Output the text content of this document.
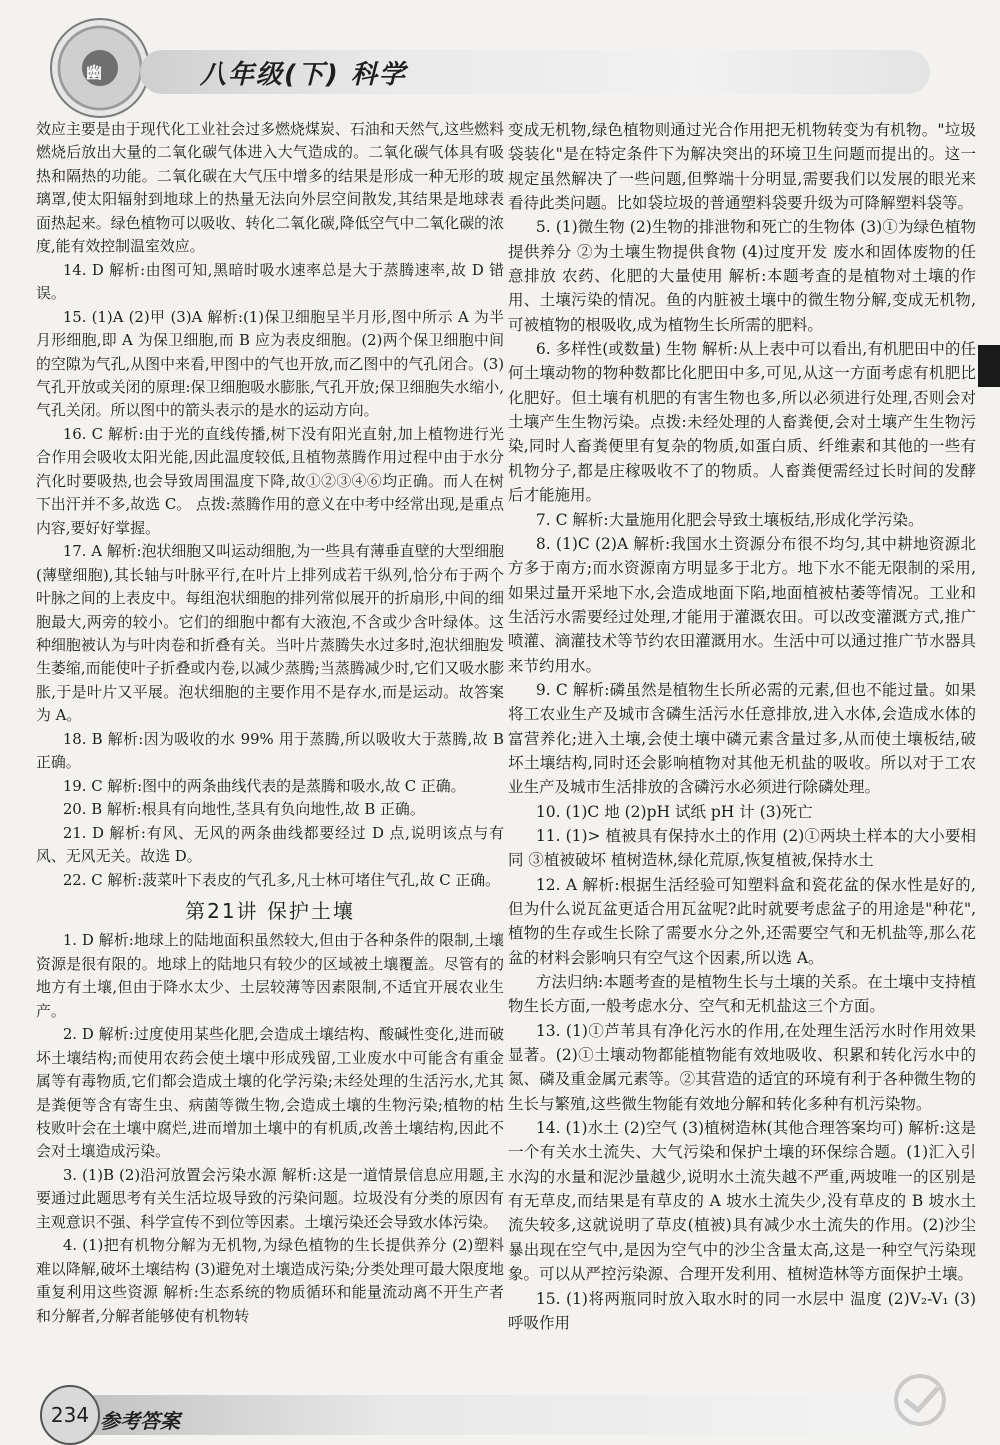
幽	八年级(下) 科学

效应主要是由于现代化工业社会过多燃烧煤炭、石油和天然气,这些燃料燃烧后放出大量的二氧化碳气体进入大气造成的。二氧化碳气体具有吸热和隔热的功能。二氧化碳在大气压中增多的结果是形成一种无形的玻璃罩,使太阳辐射到地球上的热量无法向外层空间散发,其结果是地球表面热起来。绿色植物可以吸收、转化二氧化碳,降低空气中二氧化碳的浓度,能有效控制温室效应。

14. D 解析:由图可知,黑暗时吸水速率总是大于蒸腾速率,故 D 错误。

15. (1)A (2)甲 (3)A 解析:(1)保卫细胞呈半月形,图中所示 A 为半月形细胞,即 A 为保卫细胞,而 B 应为表皮细胞。(2)两个保卫细胞中间的空隙为气孔,从图中来看,甲图中的气也开放,而乙图中的气孔闭合。(3)气孔开放或关闭的原理:保卫细胞吸水膨胀,气孔开放;保卫细胞失水缩小,气孔关闭。所以图中的箭头表示的是水的运动方向。

16. C 解析:由于光的直线传播,树下没有阳光直射,加上植物进行光合作用会吸收太阳光能,因此温度较低,且植物蒸腾作用过程中由于水分汽化时要吸热,也会导致周围温度下降,故①②③④⑥均正确。而人在树下出汗并不多,故选 C。 点拨:蒸腾作用的意义在中考中经常出现,是重点内容,要好好掌握。

17. A 解析:泡状细胞又叫运动细胞,为一些具有薄垂直壁的大型细胞(薄壁细胞),其长轴与叶脉平行,在叶片上排列成若干纵列,恰分布于两个叶脉之间的上表皮中。每组泡状细胞的排列常似展开的折扇形,中间的细胞最大,两旁的较小。它们的细胞中都有大液泡,不含或少含叶绿体。这种细胞被认为与叶肉卷和折叠有关。当叶片蒸腾失水过多时,泡状细胞发生萎缩,而能使叶子折叠或内卷,以减少蒸腾;当蒸腾减少时,它们又吸水膨胀,于是叶片又平展。泡状细胞的主要作用不是存水,而是运动。故答案为 A。

18. B 解析:因为吸收的水 99% 用于蒸腾,所以吸收大于蒸腾,故 B 正确。

19. C 解析:图中的两条曲线代表的是蒸腾和吸水,故 C 正确。

20. B 解析:根具有向地性,茎具有负向地性,故 B 正确。

21. D 解析:有风、无风的两条曲线都要经过 D 点,说明该点与有风、无风无关。故选 D。

22. C 解析:菠菜叶下表皮的气孔多,凡士林可堵住气孔,故 C 正确。

第21讲 保护土壤

1. D 解析:地球上的陆地面积虽然较大,但由于各种条件的限制,土壤资源是很有限的。地球上的陆地只有较少的区域被土壤覆盖。尽管有的地方有土壤,但由于降水太少、土层较薄等因素限制,不适宜开展农业生产。

2. D 解析:过度使用某些化肥,会造成土壤结构、酸碱性变化,进而破坏土壤结构;而使用农药会使土壤中形成残留,工业废水中可能含有重金属等有毒物质,它们都会造成土壤的化学污染;未经处理的生活污水,尤其是粪便等含有寄生虫、病菌等微生物,会造成土壤的生物污染;植物的枯枝败叶会在土壤中腐烂,进而增加土壤中的有机质,改善土壤结构,因此不会对土壤造成污染。

3. (1)B (2)沿河放置会污染水源 解析:这是一道情景信息应用题,主要通过此题思考有关生活垃圾导致的污染问题。垃圾没有分类的原因有主观意识不强、科学宣传不到位等因素。土壤污染还会导致水体污染。

4. (1)把有机物分解为无机物,为绿色植物的生长提供养分 (2)塑料难以降解,破坏土壤结构 (3)避免对土壤造成污染;分类处理可最大限度地重复利用这些资源 解析:生态系统的物质循环和能量流动离不开生产者和分解者,分解者能够使有机物转

变成无机物,绿色植物则通过光合作用把无机物转变为有机物。"垃圾袋装化"是在特定条件下为解决突出的环境卫生问题而提出的。这一规定虽然解决了一些问题,但弊端十分明显,需要我们以发展的眼光来看待此类问题。比如袋垃圾的普通塑料袋要升级为可降解塑料袋等。

5. (1)微生物 (2)生物的排泄物和死亡的生物体 (3)①为绿色植物提供养分 ②为土壤生物提供食物 (4)过度开发 废水和固体废物的任意排放 农药、化肥的大量使用 解析:本题考查的是植物对土壤的作用、土壤污染的情况。鱼的内脏被土壤中的微生物分解,变成无机物,可被植物的根吸收,成为植物生长所需的肥料。

6. 多样性(或数量) 生物 解析:从上表中可以看出,有机肥田中的任何土壤动物的物种数都比化肥田中多,可见,从这一方面考虑有机肥比化肥好。但土壤有机肥的有害生物也多,所以必须进行处理,否则会对土壤产生生物污染。点拨:未经处理的人畜粪便,会对土壤产生生物污染,同时人畜粪便里有复杂的物质,如蛋白质、纤维素和其他的一些有机物分子,都是庄稼吸收不了的物质。人畜粪便需经过长时间的发酵后才能施用。

7. C 解析:大量施用化肥会导致土壤板结,形成化学污染。

8. (1)C (2)A 解析:我国水土资源分布很不均匀,其中耕地资源北方多于南方;而水资源南方明显多于北方。地下水不能无限制的采用,如果过量开采地下水,会造成地面下陷,地面植被枯萎等情况。工业和生活污水需要经过处理,才能用于灌溉农田。可以改变灌溉方式,推广喷灌、滴灌技术等节约农田灌溉用水。生活中可以通过推广节水器具来节约用水。

9. C 解析:磷虽然是植物生长所必需的元素,但也不能过量。如果将工农业生产及城市含磷生活污水任意排放,进入水体,会造成水体的富营养化;进入土壤,会使土壤中磷元素含量过多,从而使土壤板结,破坏土壤结构,同时还会影响植物对其他无机盐的吸收。所以对于工农业生产及城市生活排放的含磷污水必须进行除磷处理。

10. (1)C 地 (2)pH 试纸 pH 计 (3)死亡

11. (1)> 植被具有保持水土的作用 (2)①两块土样本的大小要相同 ③植被破坏 植树造林,绿化荒原,恢复植被,保持水土

12. A 解析:根据生活经验可知塑料盒和瓷花盆的保水性是好的,但为什么说瓦盆更适合用瓦盆呢?此时就要考虑盆子的用途是"种花",植物的生存或生长除了需要水分之外,还需要空气和无机盐等,那么花盆的材料会影响只有空气这个因素,所以选 A。

方法归纳:本题考查的是植物生长与土壤的关系。在土壤中支持植物生长方面,一般考虑水分、空气和无机盐这三个方面。

13. (1)①芦苇具有净化污水的作用,在处理生活污水时作用效果显著。(2)①土壤动物都能植物能有效地吸收、积累和转化污水中的氮、磷及重金属元素等。②其营造的适宜的环境有利于各种微生物的生长与繁殖,这些微生物能有效地分解和转化多种有机污染物。

14. (1)水土 (2)空气 (3)植树造林(其他合理答案均可) 解析:这是一个有关水土流失、大气污染和保护土壤的环保综合题。(1)汇入引水沟的水量和泥沙量越少,说明水土流失越不严重,两坡唯一的区别是有无草皮,而结果是有草皮的 A 坡水土流失少,没有草皮的 B 坡水土流失较多,这就说明了草皮(植被)具有减少水土流失的作用。(2)沙尘暴出现在空气中,是因为空气中的沙尘含量太高,这是一种空气污染现象。可以从严控污染源、合理开发利用、植树造林等方面保护土壤。

15. (1)将两瓶同时放入取水时的同一水层中 温度 (2)V₂-V₁ (3)呼吸作用

234 参考答案
